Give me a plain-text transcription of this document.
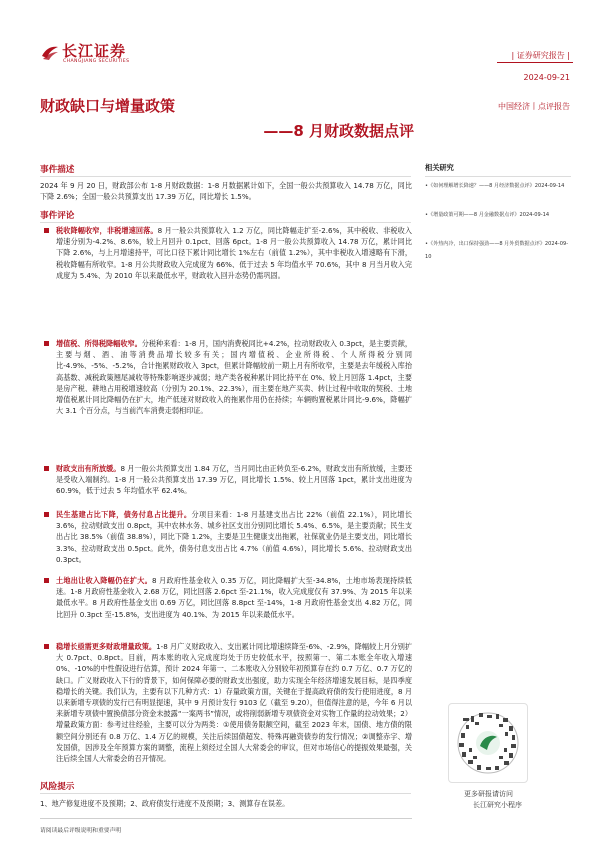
长江证券
CHANGJIANG SECURITIES
| 证券研究报告 |
2024-09-21
中国经济丨点评报告
财政缺口与增量政策
——8 月财政数据点评
事件描述
2024 年 9 月 20 日，财政部公布 1-8 月财政数据：1-8 月数据累计如下，全国一般公共预算收入 14.78 万亿，同比下降 2.6%；全国一般公共预算支出 17.39 万亿，同比增长 1.5%。
事件评论
税收降幅收窄，非税增速回落。8 月一般公共预算收入 1.2 万亿，同比降幅走扩至-2.6%，其中税收、非税收入增速分别为-4.2%、8.6%，较上月回升 0.1pct、回落 6pct。1-8 月一般公共预算收入 14.78 万亿，累计同比下降 2.6%，与上月增速持平，可比口径下累计同比增长 1%左右（前值 1.2%），其中非税收入增速略有下滑，税收降幅有所收窄。1-8 月公共财政收入完成度为 66%、低于过去 5 年均值水平 70.6%，其中 8 月当月收入完成度为 5.4%、为 2010 年以来最低水平，财政收入回升态势仍需巩固。
增值税、所得税降幅收窄。分税种来看：1-8 月，国内消费税同比+4.2%，拉动财政收入 0.3pct，是主要贡献，主要与烟、酒、油等消费品增长较多有关；国内增值税、企业所得税、个人所得税分别同比-4.9%、-5%、-5.2%，合计拖累财政收入 3pct，但累计降幅较前一期上月有所收窄，主要是去年缓税入库抬高基数、减税政策翘尾减收等特殊影响逐步减弱；地产类各税种累计同比持平在 0%、较上月回落 1.4pct，主要是房产税、耕地占用税增速较高（分别为 20.1%、22.3%），而主要在地产买卖、转让过程中收取的契税、土地增值税累计同比降幅仍在扩大，地产低迷对财政收入的拖累作用仍在持续；车辆购置税累计同比-9.6%，降幅扩大 3.1 个百分点，与当前汽车消费走弱相印证。
财政支出有所放缓。8 月一般公共预算支出 1.84 万亿，当月同比由正转负至-6.2%，财政支出有所放缓，主要还是受收入端制约。1-8 月一般公共预算支出 17.39 万亿，同比增长 1.5%、较上月回落 1pct，累计支出进度为 60.9%，低于过去 5 年均值水平 62.4%。
民生基建占比下降，债务付息占比提升。分项目来看：1-8 月基建支出占比 22%（前值 22.1%），同比增长 3.6%，拉动财政支出 0.8pct，其中农林水务、城乡社区支出分别同比增长 5.4%、6.5%，是主要贡献；民生支出占比 38.5%（前值 38.8%），同比下降 1.2%，主要是卫生健康支出拖累，社保就业仍是主要支出，同比增长 3.3%、拉动财政支出 0.5pct。此外，债务付息支出占比 4.7%（前值 4.6%），同比增长 5.6%、拉动财政支出 0.3pct。
土地出让收入降幅仍在扩大。8 月政府性基金收入 0.35 万亿，同比降幅扩大至-34.8%，土地市场表现持续低迷。1-8 月政府性基金收入 2.68 万亿，同比回落 2.6pct 至-21.1%，收入完成度仅有 37.9%、为 2015 年以来最低水平。8 月政府性基金支出 0.69 万亿，同比回落 8.8pct 至-14%，1-8 月政府性基金支出 4.82 万亿，同比回升 0.3pct 至-15.8%，支出进度为 40.1%、为 2015 年以来最低水平。
稳增长亟需更多财政增量政策。1-8 月广义财政收入、支出累计同比增速续降至-6%、-2.9%，降幅较上月分别扩大 0.7pct、0.8pct。目前，两本账的收入完成度均处于历史较低水平，按照第一、第二本账全年收入增速 0%、-10%的中性假设进行估算，预计 2024 年第一、二本账收入分别较年初预算存在约 0.7 万亿、0.7 万亿的缺口。广义财政收入下行的背景下，如何保障必要的财政支出强度，助力实现全年经济增速发展目标，是四季度稳增长的关键。我们认为，主要有以下几种方式：1）存量政策方面，关键在于提高政府债的发行使用进度，8 月以来新增专项债的发行已有明显提速，其中 9 月预计发行 9103 亿（截至 9.20），但值得注意的是，今年 6 月以来新增专项债中置换债部分资金未披露“一案两书”情况，或将削弱新增专项债资金对实物工作量的拉动效果；2）增量政策方面：参考过往经验，主要可以分为两类：①使用债务限额空间，截至 2023 年末，国债、地方债的限额空间分别还有 0.8 万亿、1.4 万亿的规模，关注后续国债超发、特殊再融资债券的发行情况；②调整赤字、增发国债，因涉及全年预算方案的调整，流程上须经过全国人大常委会的审议，但对市场信心的提振效果最强，关注后续全国人大常委会的召开情况。
风险提示
1、地产修复进度不及预期；2、政府债发行进度不及预期；3、测算存在误差。
请阅读最后评级说明和重要声明
相关研究
•《如何理解增长降速？——8 月经济数据点评》2024-09-14
•《增量政策可期——8 月金融数据点评》2024-09-14
•《外热内冷，出口保持强劲——8 月外贸数据点评》2024-09-10
更多研报请访问
长江研究小程序
